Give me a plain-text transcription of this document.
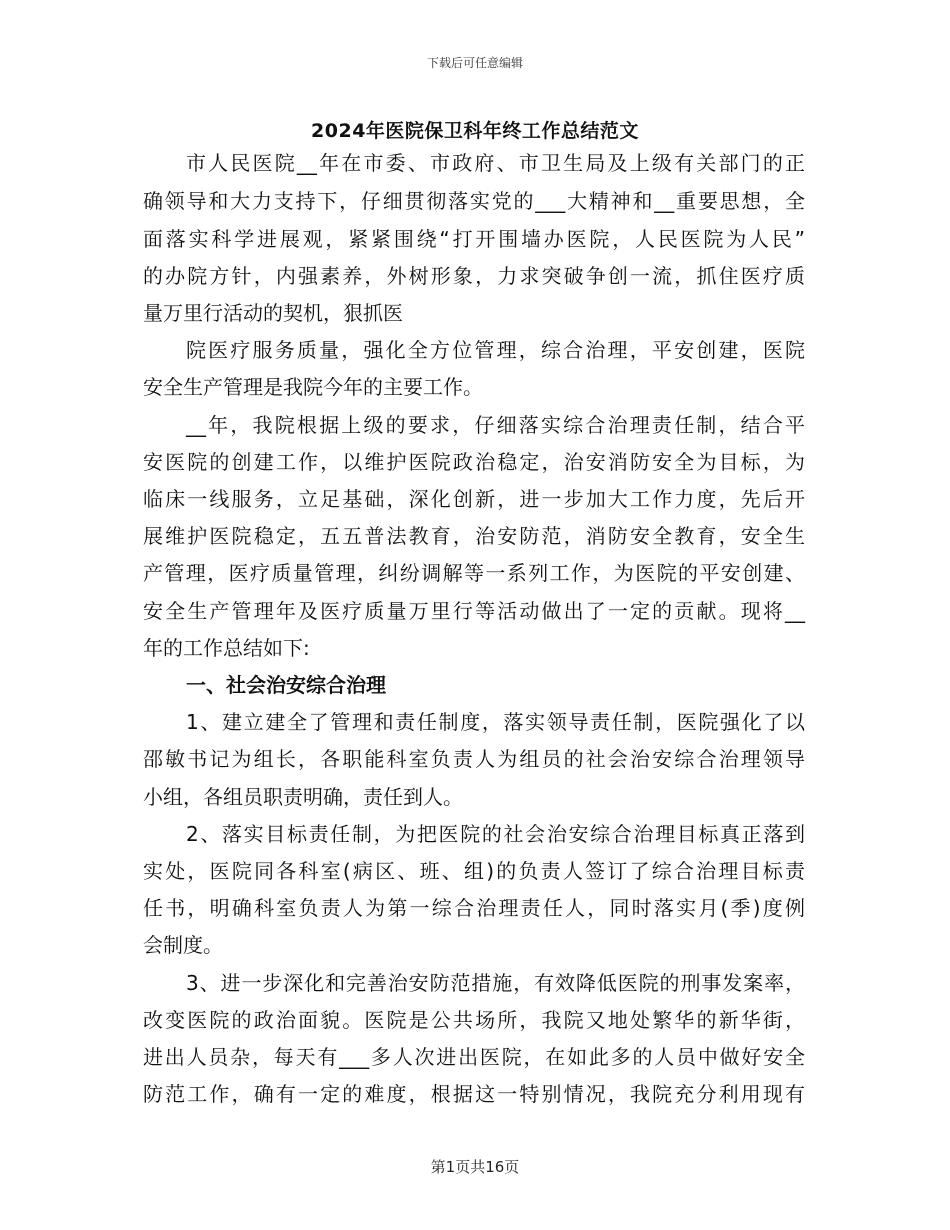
下载后可任意编辑
2024年医院保卫科年终工作总结范文
市人民医院__年在市委、市政府、市卫生局及上级有关部门的正
确领导和大力支持下，仔细贯彻落实党的___大精神和__重要思想，全
面落实科学进展观，紧紧围绕“打开围墙办医院，人民医院为人民”
的办院方针，内强素养，外树形象，力求突破争创一流，抓住医疗质
量万里行活动的契机，狠抓医
院医疗服务质量，强化全方位管理，综合治理，平安创建，医院
安全生产管理是我院今年的主要工作。
__年，我院根据上级的要求，仔细落实综合治理责任制，结合平
安医院的创建工作，以维护医院政治稳定，治安消防安全为目标，为
临床一线服务，立足基础，深化创新，进一步加大工作力度，先后开
展维护医院稳定，五五普法教育，治安防范，消防安全教育，安全生
产管理，医疗质量管理，纠纷调解等一系列工作，为医院的平安创建、
安全生产管理年及医疗质量万里行等活动做出了一定的贡献。现将__
年的工作总结如下:
一、社会治安综合治理
1、建立建全了管理和责任制度，落实领导责任制，医院强化了以
邵敏书记为组长，各职能科室负责人为组员的社会治安综合治理领导
小组，各组员职责明确，责任到人。
2、落实目标责任制，为把医院的社会治安综合治理目标真正落到
实处，医院同各科室(病区、班、组)的负责人签订了综合治理目标责
任书，明确科室负责人为第一综合治理责任人，同时落实月(季)度例
会制度。
3、进一步深化和完善治安防范措施，有效降低医院的刑事发案率，
改变医院的政治面貌。医院是公共场所，我院又地处繁华的新华街，
进出人员杂，每天有___多人次进出医院，在如此多的人员中做好安全
防范工作，确有一定的难度，根据这一特别情况，我院充分利用现有
第1页共16页
